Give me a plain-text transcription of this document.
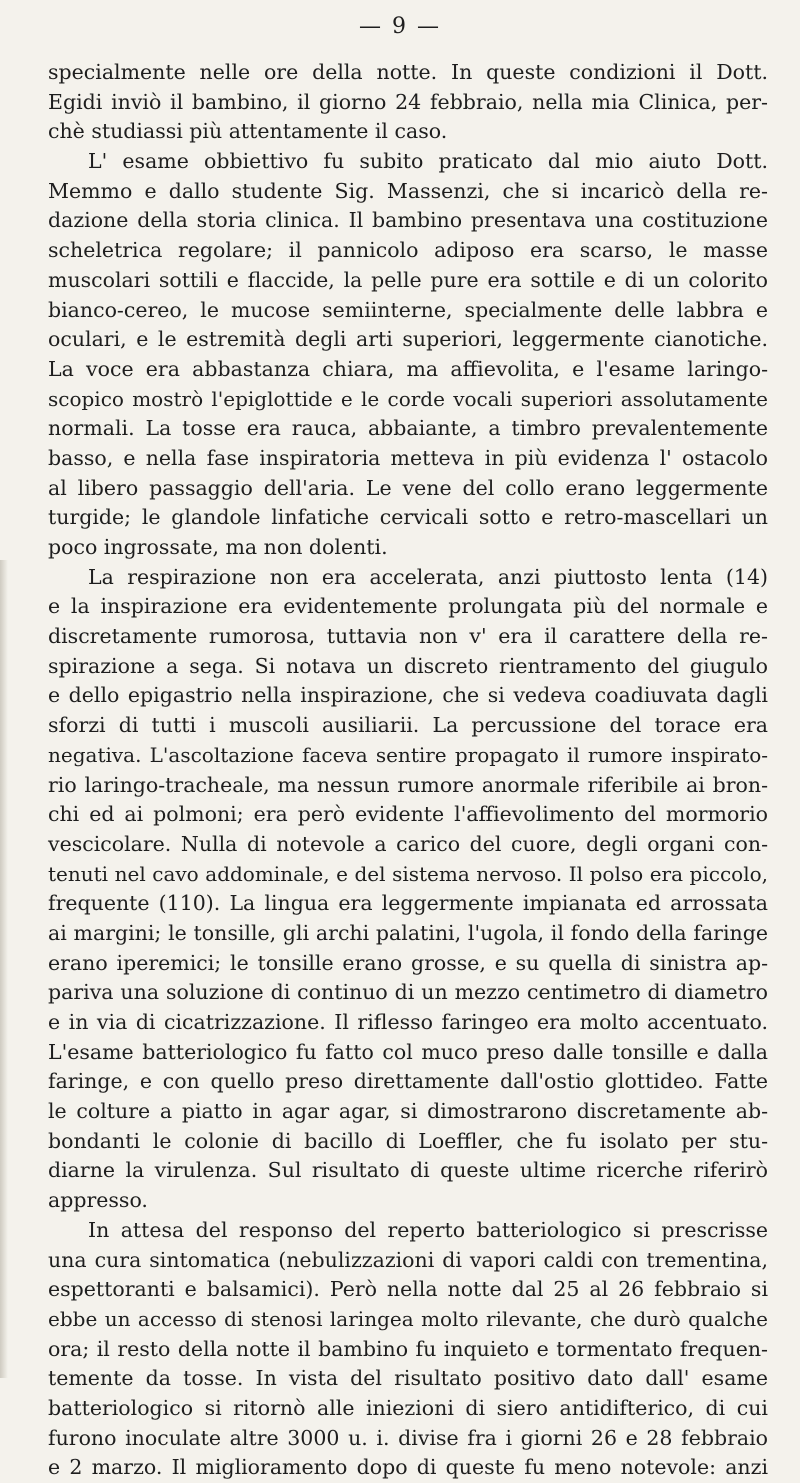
— 9 —
specialmente nelle ore della notte. In queste condizioni il Dott.
Egidi inviò il bambino, il giorno 24 febbraio, nella mia Clinica, per-
chè studiassi più attentamente il caso.
L' esame obbiettivo fu subito praticato dal mio aiuto Dott.
Memmo e dallo studente Sig. Massenzi, che si incaricò della re-
dazione della storia clinica. Il bambino presentava una costituzione
scheletrica regolare; il pannicolo adiposo era scarso, le masse
muscolari sottili e flaccide, la pelle pure era sottile e di un colorito
bianco-cereo, le mucose semiinterne, specialmente delle labbra e
oculari, e le estremità degli arti superiori, leggermente cianotiche.
La voce era abbastanza chiara, ma affievolita, e l'esame laringo-
scopico mostrò l'epiglottide e le corde vocali superiori assolutamente
normali. La tosse era rauca, abbaiante, a timbro prevalentemente
basso, e nella fase inspiratoria metteva in più evidenza l' ostacolo
al libero passaggio dell'aria. Le vene del collo erano leggermente
turgide; le glandole linfatiche cervicali sotto e retro-mascellari un
poco ingrossate, ma non dolenti.
La respirazione non era accelerata, anzi piuttosto lenta (14)
e la inspirazione era evidentemente prolungata più del normale e
discretamente rumorosa, tuttavia non v' era il carattere della re-
spirazione a sega. Si notava un discreto rientramento del giugulo
e dello epigastrio nella inspirazione, che si vedeva coadiuvata dagli
sforzi di tutti i muscoli ausiliarii. La percussione del torace era
negativa. L'ascoltazione faceva sentire propagato il rumore inspirato-
rio laringo-tracheale, ma nessun rumore anormale riferibile ai bron-
chi ed ai polmoni; era però evidente l'affievolimento del mormorio
vescicolare. Nulla di notevole a carico del cuore, degli organi con-
tenuti nel cavo addominale, e del sistema nervoso. Il polso era piccolo,
frequente (110). La lingua era leggermente impianata ed arrossata
ai margini; le tonsille, gli archi palatini, l'ugola, il fondo della faringe
erano iperemici; le tonsille erano grosse, e su quella di sinistra ap-
pariva una soluzione di continuo di un mezzo centimetro di diametro
e in via di cicatrizzazione. Il riflesso faringeo era molto accentuato.
L'esame batteriologico fu fatto col muco preso dalle tonsille e dalla
faringe, e con quello preso direttamente dall'ostio glottideo. Fatte
le colture a piatto in agar agar, si dimostrarono discretamente ab-
bondanti le colonie di bacillo di Loeffler, che fu isolato per stu-
diarne la virulenza. Sul risultato di queste ultime ricerche riferirò
appresso.
In attesa del responso del reperto batteriologico si prescrisse
una cura sintomatica (nebulizzazioni di vapori caldi con trementina,
espettoranti e balsamici). Però nella notte dal 25 al 26 febbraio si
ebbe un accesso di stenosi laringea molto rilevante, che durò qualche
ora; il resto della notte il bambino fu inquieto e tormentato frequen-
temente da tosse. In vista del risultato positivo dato dall' esame
batteriologico si ritornò alle iniezioni di siero antidifterico, di cui
furono inoculate altre 3000 u. i. divise fra i giorni 26 e 28 febbraio
e 2 marzo. Il miglioramento dopo di queste fu meno notevole: anzi
